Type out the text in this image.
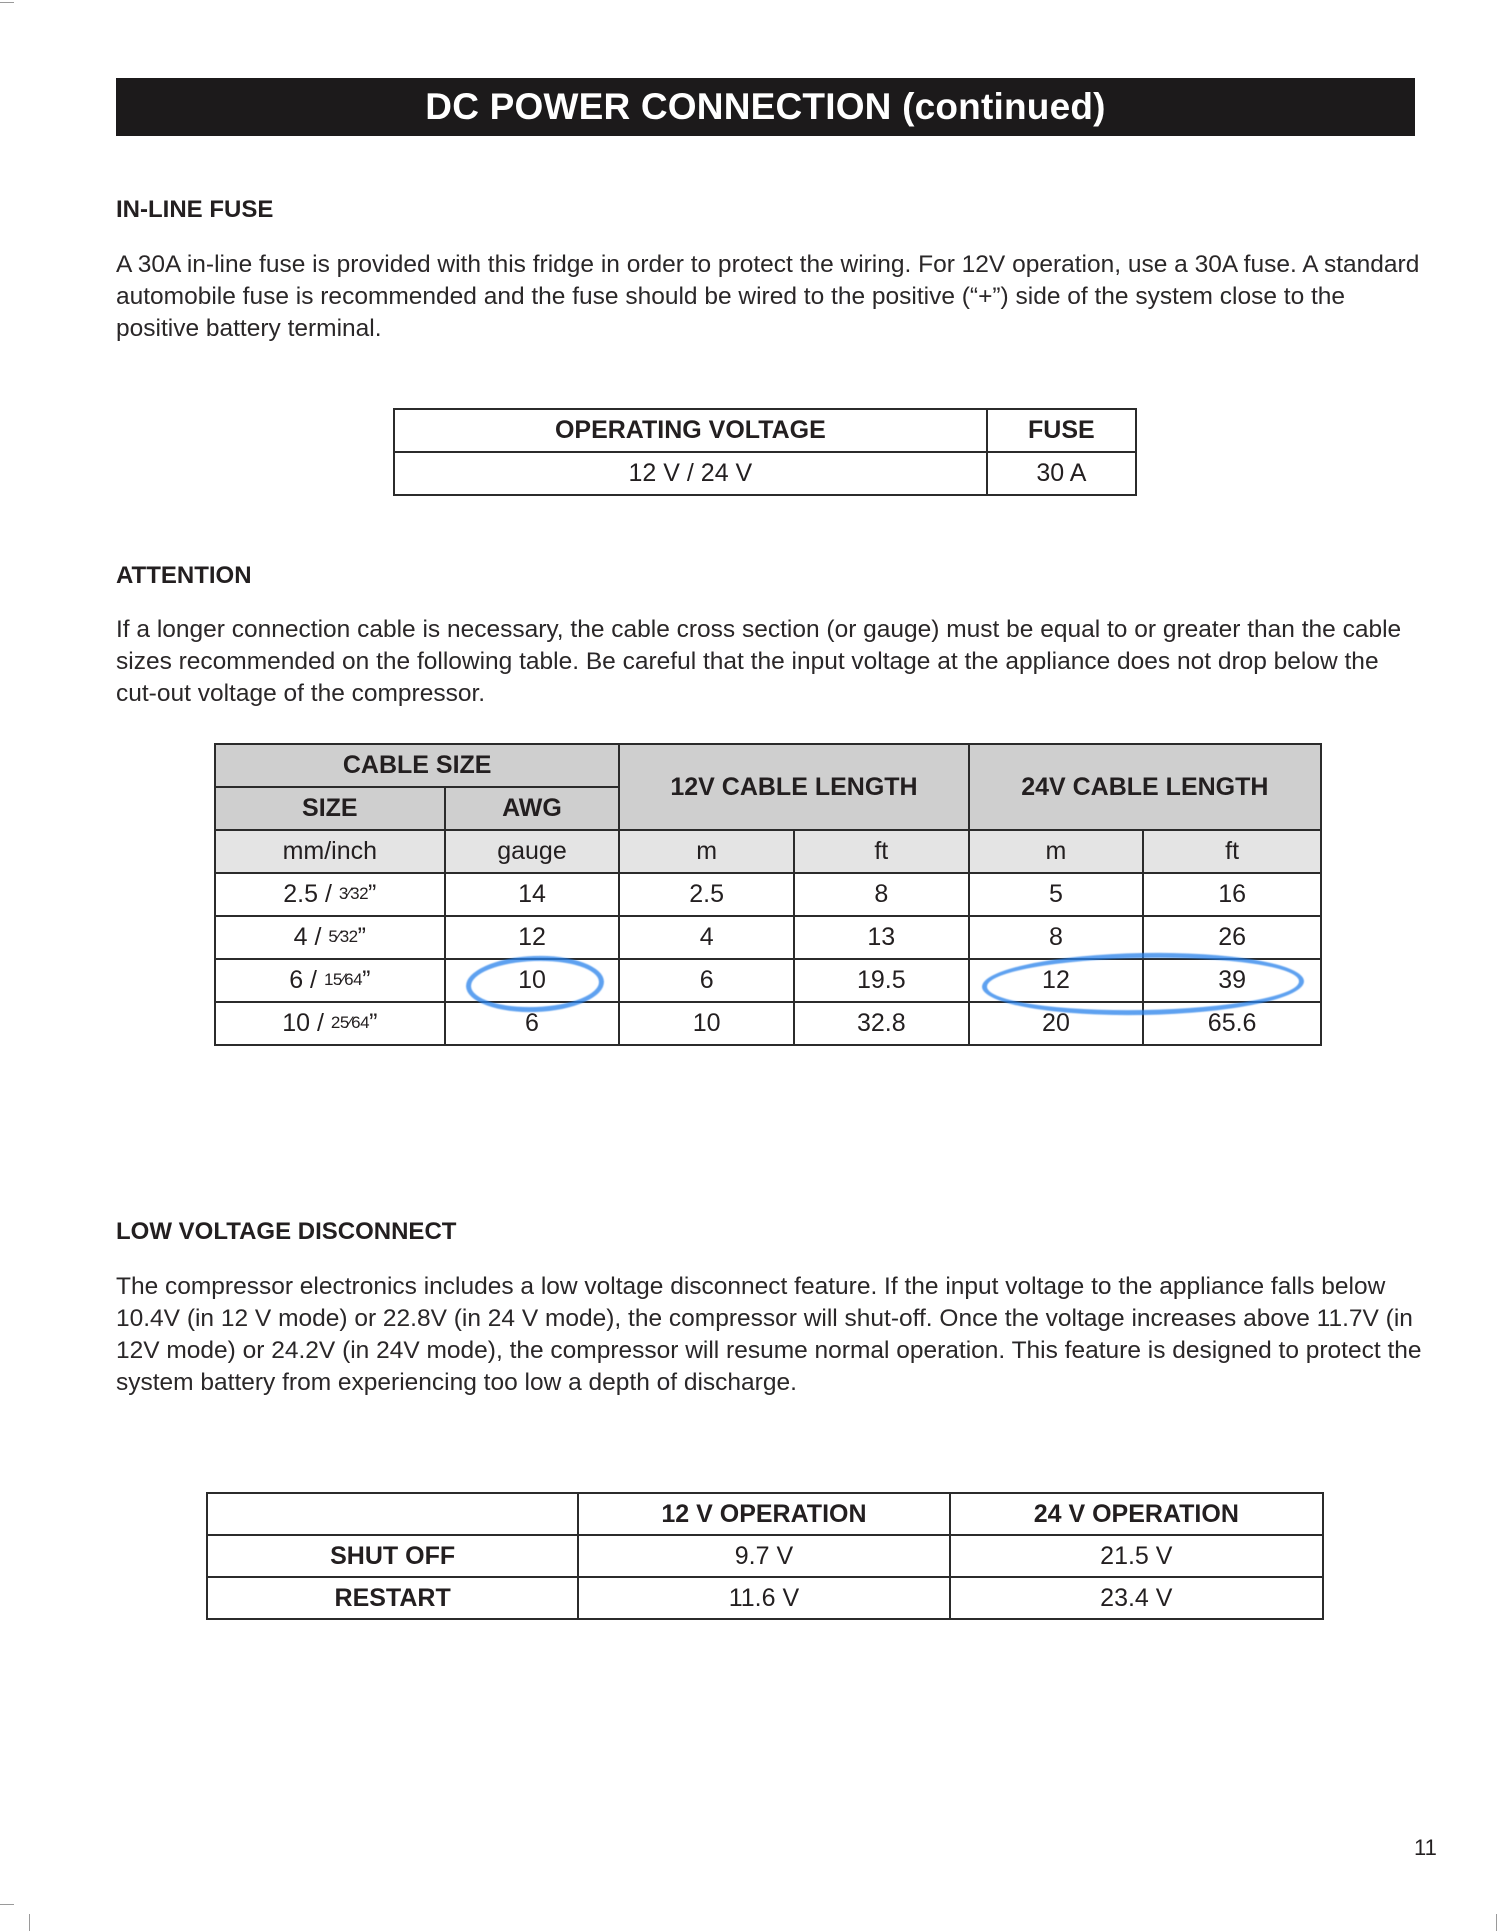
DC POWER CONNECTION (continued)
IN-LINE FUSE
A 30A in-line fuse is provided with this fridge in order to protect the wiring. For 12V operation, use a 30A fuse. A standard automobile fuse is recommended and the fuse should be wired to the positive (“+”) side of the system close to the positive battery terminal.
OPERATING VOLTAGE	FUSE
12 V / 24 V	30 A
ATTENTION
If a longer connection cable is necessary, the cable cross section (or gauge) must be equal to or greater than the cable sizes recommended on the following table. Be careful that the input voltage at the appliance does not drop below the cut-out voltage of the compressor.
CABLE SIZE		12V CABLE LENGTH		24V CABLE LENGTH	
SIZE	AWG				
mm/inch	gauge	m	ft	m	ft
2.5 / 3⁄32”	14	2.5	8	5	16
4 / 5⁄32”	12	4	13	8	26
6 / 15⁄64”	10	6	19.5	12	39
10 / 25⁄64”	6	10	32.8	20	65.6
LOW VOLTAGE DISCONNECT
The compressor electronics includes a low voltage disconnect feature. If the input voltage to the appliance falls below 10.4V (in 12 V mode) or 22.8V (in 24 V mode), the compressor will shut-off. Once the voltage increases above 11.7V (in 12V mode) or 24.2V (in 24V mode), the compressor will resume normal operation. This feature is designed to protect the system battery from experiencing too low a depth of discharge.
	12 V OPERATION	24 V OPERATION
SHUT OFF	9.7 V	21.5 V
RESTART	11.6 V	23.4 V
11
